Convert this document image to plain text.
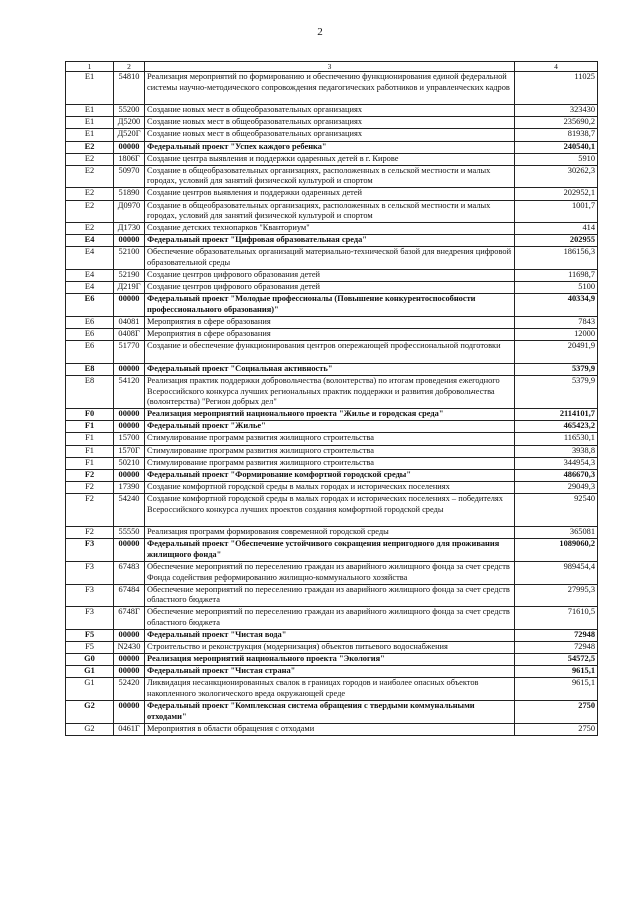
2
1	2	3	4
E1	54810	Реализация мероприятий по формированию и обеспечению функционирования единой федеральной системы научно-методического сопровождения педагогических работников и управленческих кадров	11025
E1	55200	Создание новых мест в общеобразовательных организациях	323430
E1	Д5200	Создание новых мест в общеобразовательных организациях	235690,2
E1	Д520Г	Создание новых мест в общеобразовательных организациях	81938,7
E2	00000	Федеральный проект "Успех каждого ребенка"	240540,1
E2	1806Г	Создание центра выявления и поддержки одаренных детей в г. Кирове	5910
E2	50970	Создание в общеобразовательных организациях, расположенных в сельской местности и малых городах, условий для занятий физической культурой и спортом	30262,3
E2	51890	Создание центров выявления и поддержки одаренных детей	202952,1
E2	Д0970	Создание в общеобразовательных организациях, расположенных в сельской местности и малых городах, условий для занятий физической культурой и спортом	1001,7
E2	Д1730	Создание детских технопарков "Кванториум"	414
E4	00000	Федеральный проект "Цифровая образовательная среда"	202955
E4	52100	Обеспечение образовательных организаций материально-технической базой для внедрения цифровой образовательной среды	186156,3
E4	52190	Создание центров цифрового образования детей	11698,7
E4	Д219Г	Создание центров цифрового образования детей	5100
E6	00000	Федеральный проект "Молодые профессионалы (Повышение конкурентоспособности профессионального образования)"	40334,9
E6	04081	Мероприятия в сфере образования	7843
E6	0408Г	Мероприятия в сфере образования	12000
E6	51770	Создание и обеспечение функционирования центров опережающей профессиональной подготовки	20491,9
E8	00000	Федеральный проект "Социальная активность"	5379,9
E8	54120	Реализация практик поддержки добровольчества (волонтерства) по итогам проведения ежегодного Всероссийского конкурса лучших региональных практик поддержки и развития добровольчества (волонтерства) "Регион добрых дел"	5379,9
F0	00000	Реализация мероприятий национального проекта "Жилье и городская среда"	2114101,7
F1	00000	Федеральный проект "Жилье"	465423,2
F1	15700	Стимулирование программ развития жилищного строительства	116530,1
F1	1570Г	Стимулирование программ развития жилищного строительства	3938,8
F1	50210	Стимулирование программ развития жилищного строительства	344954,3
F2	00000	Федеральный проект "Формирование комфортной городской среды"	486670,3
F2	17390	Создание комфортной городской среды в малых городах и исторических поселениях	29049,3
F2	54240	Создание комфортной городской среды в малых городах и исторических поселениях – победителях Всероссийского конкурса лучших проектов создания комфортной городской среды	92540
F2	55550	Реализация программ формирования современной городской среды	365081
F3	00000	Федеральный проект "Обеспечение устойчивого сокращения непригодного для проживания жилищного фонда"	1089060,2
F3	67483	Обеспечение мероприятий по переселению граждан из аварийного жилищного фонда за счет средств Фонда содействия реформированию жилищно-коммунального хозяйства	989454,4
F3	67484	Обеспечение мероприятий по переселению граждан из аварийного жилищного фонда за счет средств областного бюджета	27995,3
F3	6748Г	Обеспечение мероприятий по переселению граждан из аварийного жилищного фонда за счет средств областного бюджета	71610,5
F5	00000	Федеральный проект "Чистая вода"	72948
F5	N2430	Строительство и реконструкция (модернизация) объектов питьевого водоснабжения	72948
G0	00000	Реализация мероприятий национального проекта "Экология"	54572,5
G1	00000	Федеральный проект "Чистая страна"	9615,1
G1	52420	Ликвидация несанкционированных свалок в границах городов и наиболее опасных объектов накопленного экологического вреда окружающей среде	9615,1
G2	00000	Федеральный проект "Комплексная система обращения с твердыми коммунальными отходами"	2750
G2	0461Г	Мероприятия в области обращения с отходами	2750
